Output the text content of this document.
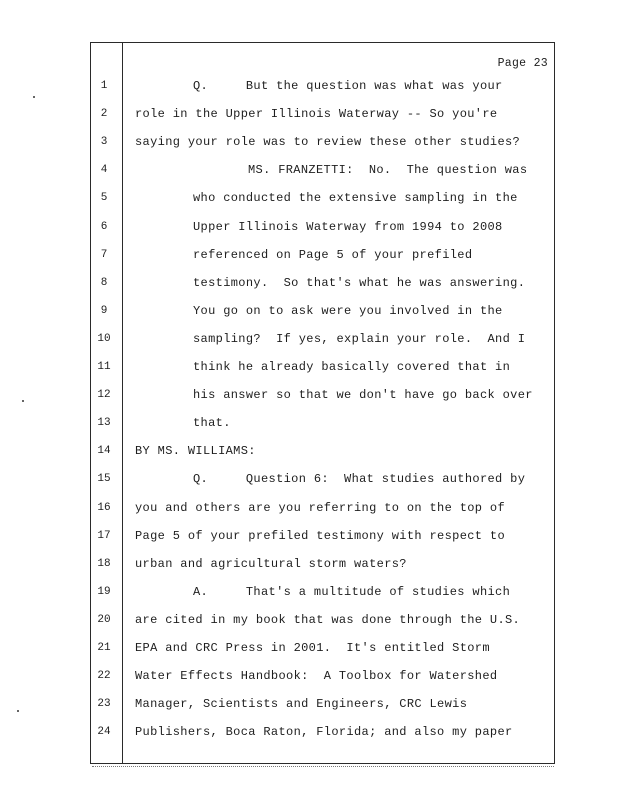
Page 23
1	Q.     But the question was what was your
2	role in the Upper Illinois Waterway -- So you're
3	saying your role was to review these other studies?
4	MS. FRANZETTI:  No.  The question was
5	who conducted the extensive sampling in the
6	Upper Illinois Waterway from 1994 to 2008
7	referenced on Page 5 of your prefiled
8	testimony.  So that's what he was answering.
9	You go on to ask were you involved in the
10	sampling?  If yes, explain your role.  And I
11	think he already basically covered that in
12	his answer so that we don't have go back over
13	that.
14	BY MS. WILLIAMS:
15	Q.     Question 6:  What studies authored by
16	you and others are you referring to on the top of
17	Page 5 of your prefiled testimony with respect to
18	urban and agricultural storm waters?
19	A.     That's a multitude of studies which
20	are cited in my book that was done through the U.S.
21	EPA and CRC Press in 2001.  It's entitled Storm
22	Water Effects Handbook:  A Toolbox for Watershed
23	Manager, Scientists and Engineers, CRC Lewis
24	Publishers, Boca Raton, Florida; and also my paper
